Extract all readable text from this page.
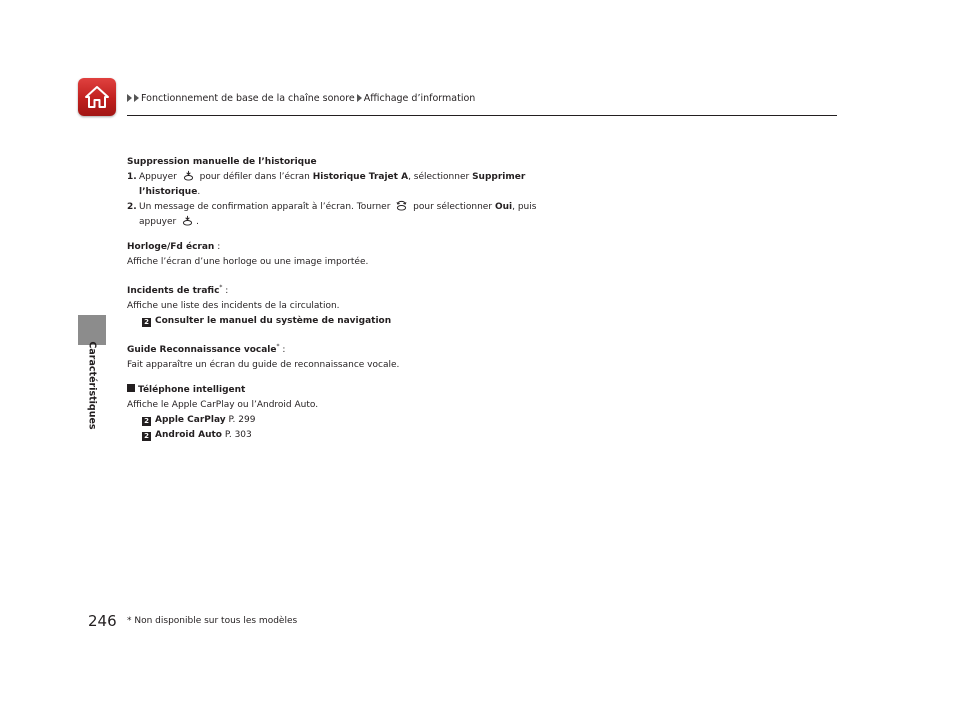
Fonctionnement de base de la chaîne sonore Affichage d’information
Caractéristiques

Suppression manuelle de l’historique

1. Appuyer	pour défiler dans l’écran Historique Trajet A, sélectionner Supprimer

l’historique.

2. Un message de confirmation apparaît à l’écran. Tourner	pour sélectionner Oui, puis

appuyer .

Horloge/Fd écran :

Affiche l’écran d’une horloge ou une image importée.

Incidents de trafic* :

Affiche une liste des incidents de la circulation.

2 Consulter le manuel du système de navigation

Guide Reconnaissance vocale* :

Fait apparaître un écran du guide de reconnaissance vocale.

Téléphone intelligent

Affiche le Apple CarPlay ou l’Android Auto.

2 Apple CarPlay P. 299

2 Android Auto P. 303

246 * Non disponible sur tous les modèles
